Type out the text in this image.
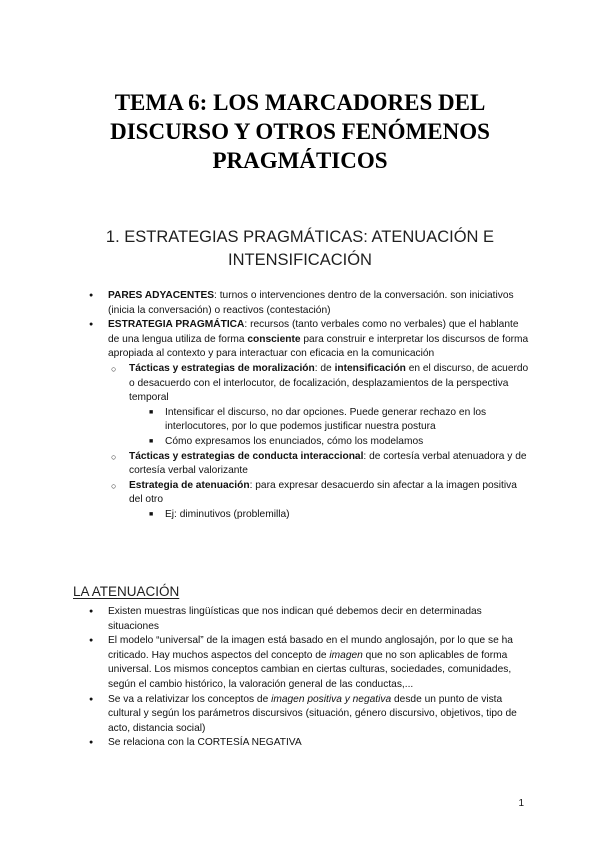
TEMA 6: LOS MARCADORES DEL
DISCURSO Y OTROS FENÓMENOS
PRAGMÁTICOS
1. ESTRATEGIAS PRAGMÁTICAS: ATENUACIÓN E
INTENSIFICACIÓN
● PARES ADYACENTES: turnos o intervenciones dentro de la conversación. son iniciativos (inicia la conversación) o reactivos (contestación)
● ESTRATEGIA PRAGMÁTICA: recursos (tanto verbales como no verbales) que el hablante de una lengua utiliza de forma consciente para construir e interpretar los discursos de forma apropiada al contexto y para interactuar con eficacia en la comunicación
○ Tácticas y estrategias de moralización: de intensificación en el discurso, de acuerdo o desacuerdo con el interlocutor, de focalización, desplazamientos de la perspectiva temporal
■ Intensificar el discurso, no dar opciones. Puede generar rechazo en los interlocutores, por lo que podemos justificar nuestra postura
■ Cómo expresamos los enunciados, cómo los modelamos
○ Tácticas y estrategias de conducta interaccional: de cortesía verbal atenuadora y de cortesía verbal valorizante
○ Estrategia de atenuación: para expresar desacuerdo sin afectar a la imagen positiva del otro
■ Ej: diminutivos (problemilla)
LA ATENUACIÓN
● Existen muestras lingüísticas que nos indican qué debemos decir en determinadas situaciones
● El modelo “universal” de la imagen está basado en el mundo anglosajón, por lo que se ha criticado. Hay muchos aspectos del concepto de imagen que no son aplicables de forma universal. Los mismos conceptos cambian en ciertas culturas, sociedades, comunidades, según el cambio histórico, la valoración general de las conductas,...
● Se va a relativizar los conceptos de imagen positiva y negativa desde un punto de vista cultural y según los parámetros discursivos (situación, género discursivo, objetivos, tipo de acto, distancia social)
● Se relaciona con la CORTESÍA NEGATIVA
1
